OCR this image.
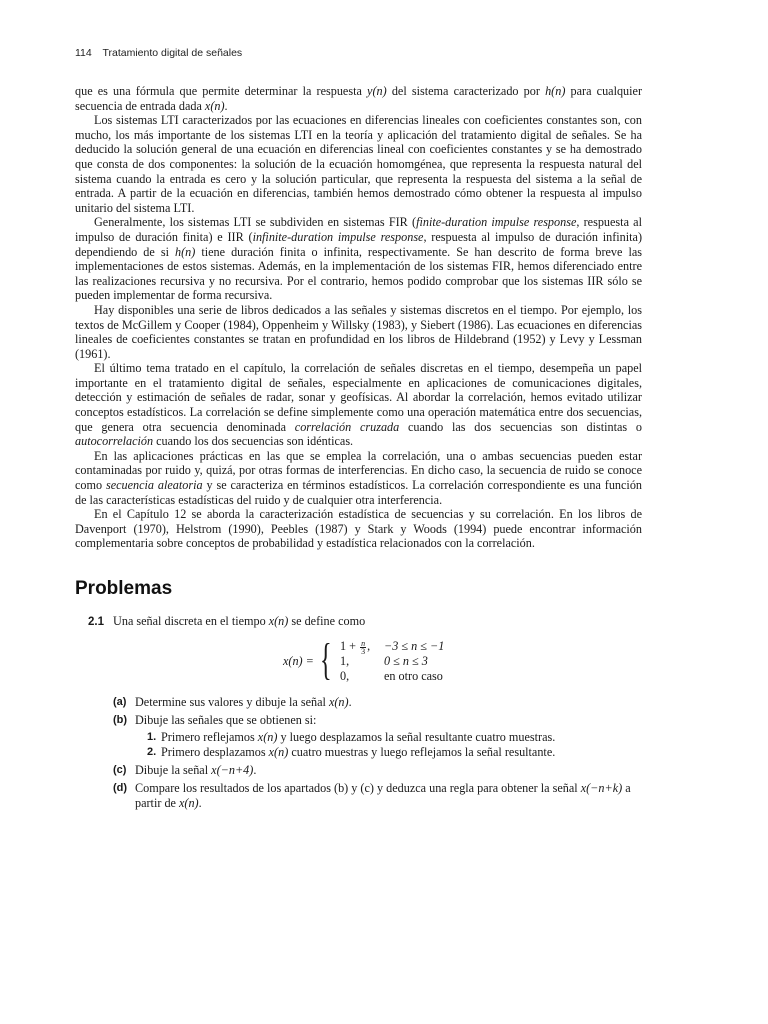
114 Tratamiento digital de señales

que es una fórmula que permite determinar la respuesta y(n) del sistema caracterizado por h(n) para cualquier secuencia de entrada dada x(n).

Los sistemas LTI caracterizados por las ecuaciones en diferencias lineales con coeficientes constantes son, con mucho, los más importante de los sistemas LTI en la teoría y aplicación del tratamiento digital de señales. Se ha deducido la solución general de una ecuación en diferencias lineal con coeficientes constantes y se ha demostrado que consta de dos componentes: la solución de la ecuación homomgénea, que representa la respuesta natural del sistema cuando la entrada es cero y la solución particular, que representa la respuesta del sistema a la señal de entrada. A partir de la ecuación en diferencias, también hemos demostrado cómo obtener la respuesta al impulso unitario del sistema LTI.

Generalmente, los sistemas LTI se subdividen en sistemas FIR (finite-duration impulse response, respuesta al impulso de duración finita) e IIR (infinite-duration impulse response, respuesta al impulso de duración infinita) dependiendo de si h(n) tiene duración finita o infinita, respectivamente. Se han descrito de forma breve las implementaciones de estos sistemas. Además, en la implementación de los sistemas FIR, hemos diferenciado entre las realizaciones recursiva y no recursiva. Por el contrario, hemos podido comprobar que los sistemas IIR sólo se pueden implementar de forma recursiva.

Hay disponibles una serie de libros dedicados a las señales y sistemas discretos en el tiempo. Por ejemplo, los textos de McGillem y Cooper (1984), Oppenheim y Willsky (1983), y Siebert (1986). Las ecuaciones en diferencias lineales de coeficientes constantes se tratan en profundidad en los libros de Hildebrand (1952) y Levy y Lessman (1961).

El último tema tratado en el capítulo, la correlación de señales discretas en el tiempo, desempeña un papel importante en el tratamiento digital de señales, especialmente en aplicaciones de comunicaciones digitales, detección y estimación de señales de radar, sonar y geofísicas. Al abordar la correlación, hemos evitado utilizar conceptos estadísticos. La correlación se define simplemente como una operación matemática entre dos secuencias, que genera otra secuencia denominada correlación cruzada cuando las dos secuencias son distintas o autocorrelación cuando los dos secuencias son idénticas.

En las aplicaciones prácticas en las que se emplea la correlación, una o ambas secuencias pueden estar contaminadas por ruido y, quizá, por otras formas de interferencias. En dicho caso, la secuencia de ruido se conoce como secuencia aleatoria y se caracteriza en términos estadísticos. La correlación correspondiente es una función de las características estadísticas del ruido y de cualquier otra interferencia.

En el Capítulo 12 se aborda la caracterización estadística de secuencias y su correlación. En los libros de Davenport (1970), Helstrom (1990), Peebles (1987) y Stark y Woods (1994) puede encontrar información complementaria sobre conceptos de probabilidad y estadística relacionados con la correlación.

Problemas
2.1 Una señal discreta en el tiempo x(n) se define como
x(n) = { $1 + \frac{n}{3}$ , −3 ≤ n ≤ −1
1,	0 ≤ n ≤ 3
0,	en otro caso
(a) Determine sus valores y dibuje la señal x(n).
(b) Dibuje las señales que se obtienen si:
1. Primero reflejamos x(n) y luego desplazamos la señal resultante cuatro muestras.
2. Primero desplazamos x(n) cuatro muestras y luego reflejamos la señal resultante.
(c) Dibuje la señal x(−n+4).
(d) Compare los resultados de los apartados (b) y (c) y deduzca una regla para obtener la señal x(−n+k) a partir de x(n).
